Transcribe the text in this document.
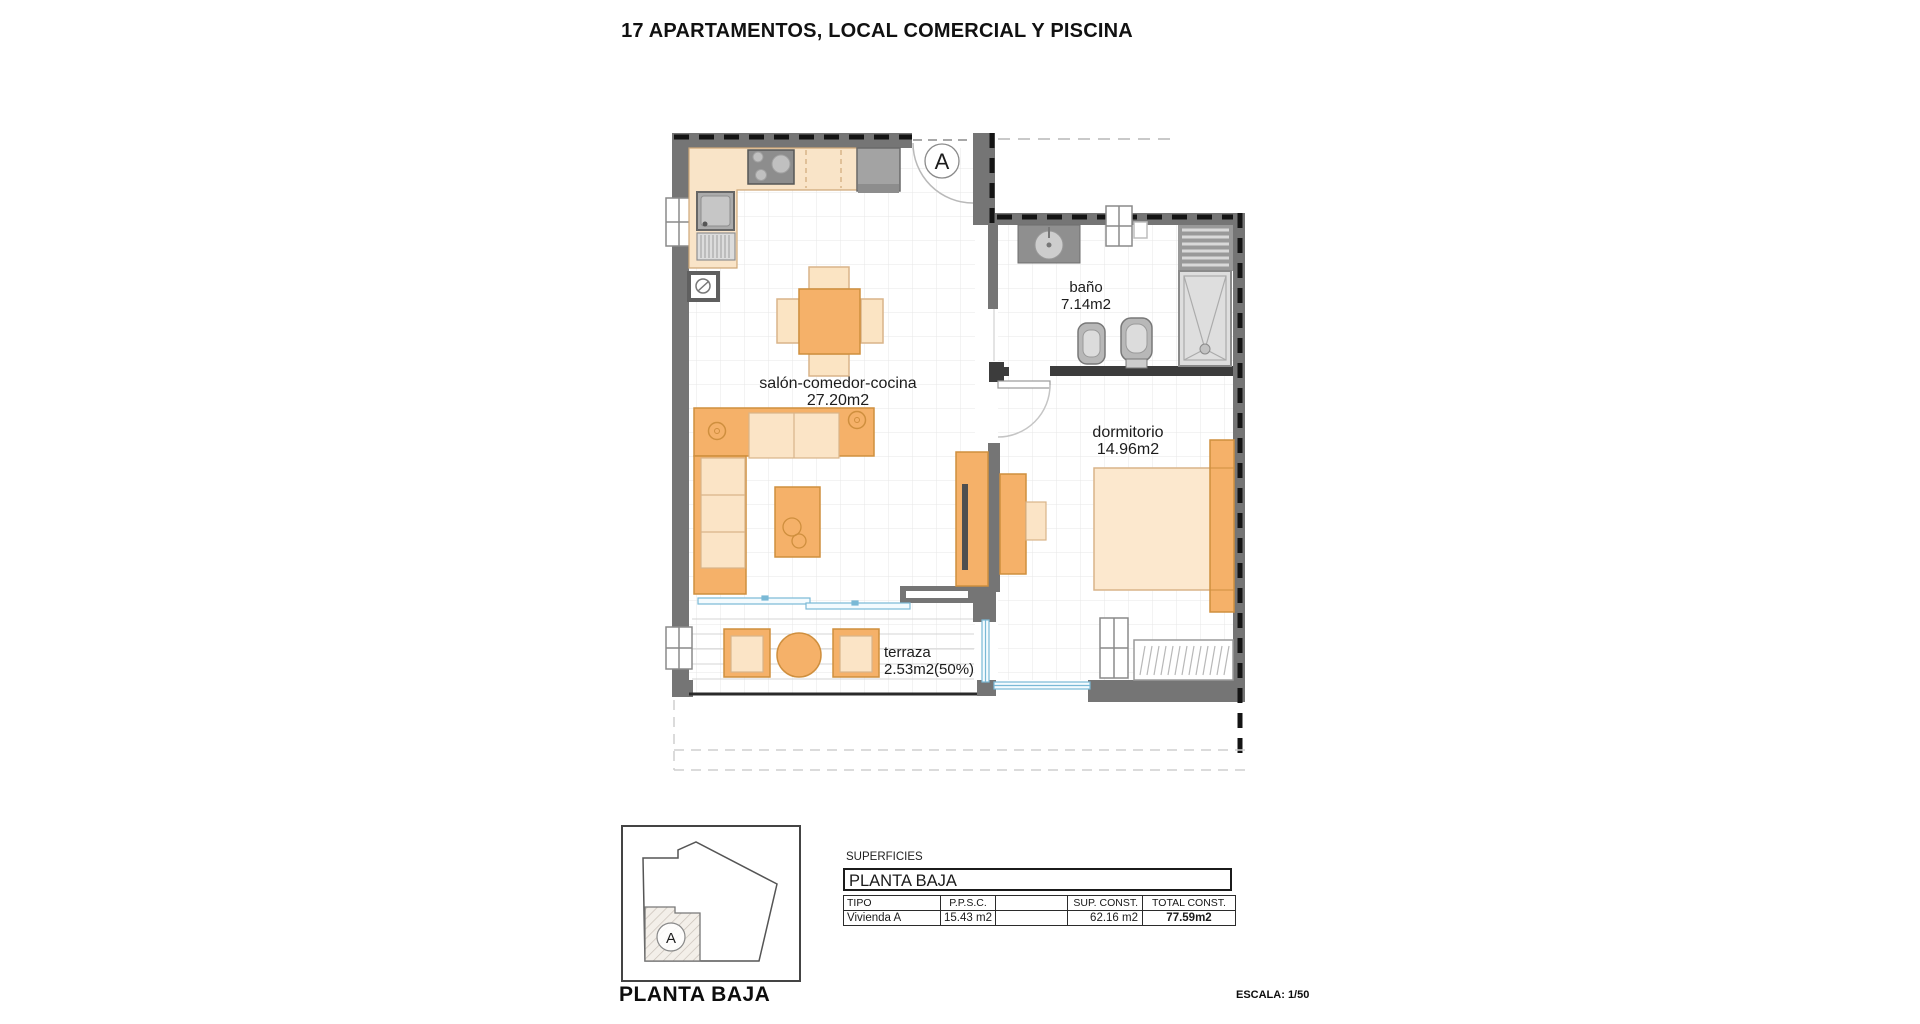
A
salón-comedor-cocina
27.20m2
baño
7.14m2
dormitorio
14.96m2
terraza
2.53m2(50%)
A
17 APARTAMENTOS, LOCAL COMERCIAL Y PISCINA
SUPERFICIES
PLANTA BAJA
TIPO	P.P.S.C.	SUP. CONST.	TOTAL CONST.
Vivienda A	15.43 m2	62.16 m2	77.59m2
PLANTA BAJA	ESCALA: 1/50
